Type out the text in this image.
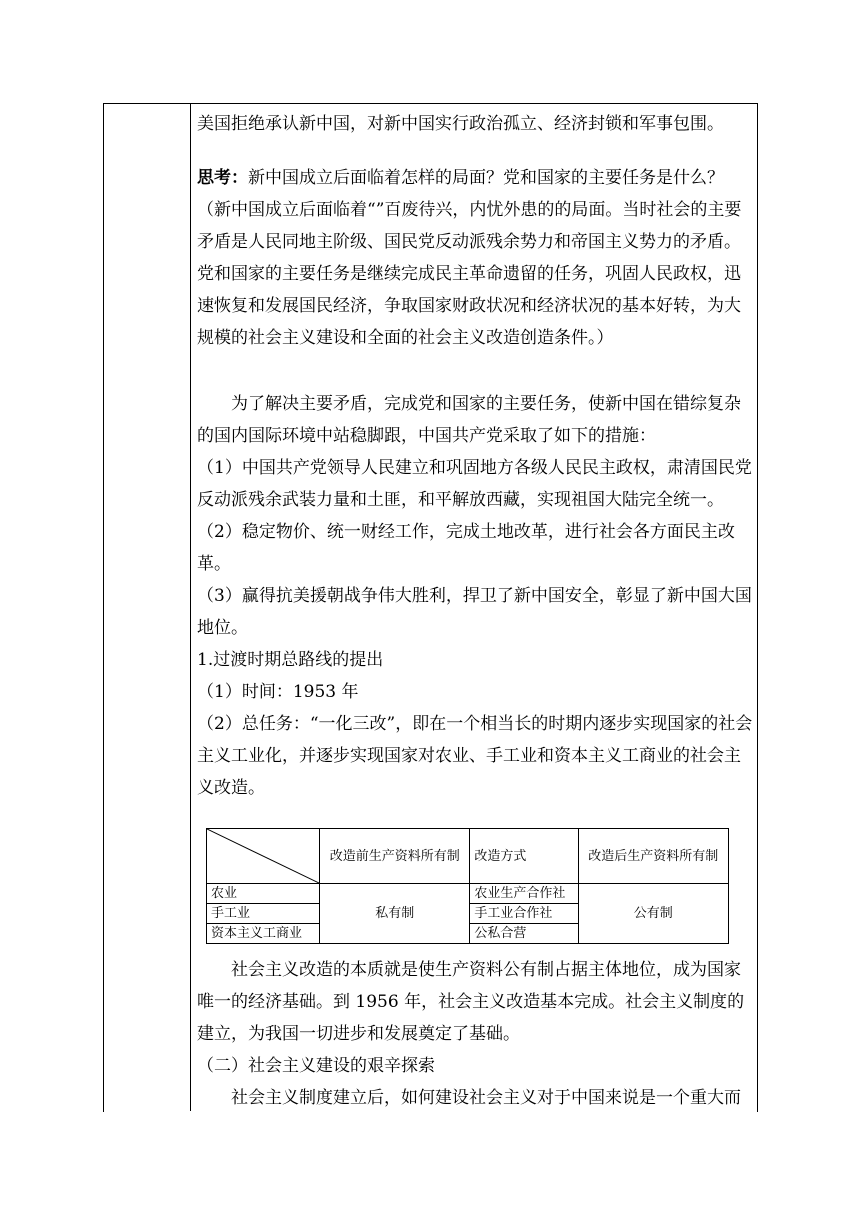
美国拒绝承认新中国，对新中国实行政治孤立、经济封锁和军事包围。

思考：新中国成立后面临着怎样的局面？党和国家的主要任务是什么？

（新中国成立后面临着“”百废待兴，内忧外患的的局面。当时社会的主要矛盾是人民同地主阶级、国民党反动派残余势力和帝国主义势力的矛盾。党和国家的主要任务是继续完成民主革命遗留的任务，巩固人民政权，迅速恢复和发展国民经济，争取国家财政状况和经济状况的基本好转，为大规模的社会主义建设和全面的社会主义改造创造条件。）

为了解决主要矛盾，完成党和国家的主要任务，使新中国在错综复杂的国内国际环境中站稳脚跟，中国共产党采取了如下的措施：

（1）中国共产党领导人民建立和巩固地方各级人民民主政权，肃清国民党反动派残余武装力量和土匪，和平解放西藏，实现祖国大陆完全统一。

（2）稳定物价、统一财经工作，完成土地改革，进行社会各方面民主改革。

（3）赢得抗美援朝战争伟大胜利，捍卫了新中国安全，彰显了新中国大国地位。

1.过渡时期总路线的提出

（1）时间：1953 年

（2）总任务：“一化三改”，即在一个相当长的时期内逐步实现国家的社会主义工业化，并逐步实现国家对农业、手工业和资本主义工商业的社会主义改造。

	改造前生产资料所有制	改造方式	改造后生产资料所有制
农业	私有制	农业生产合作社	公有制
手工业		手工业合作社	
资本主义工商业		公私合营	

社会主义改造的本质就是使生产资料公有制占据主体地位，成为国家唯一的经济基础。到 1956 年，社会主义改造基本完成。社会主义制度的建立，为我国一切进步和发展奠定了基础。

（二）社会主义建设的艰辛探索

社会主义制度建立后，如何建设社会主义对于中国来说是一个重大而
